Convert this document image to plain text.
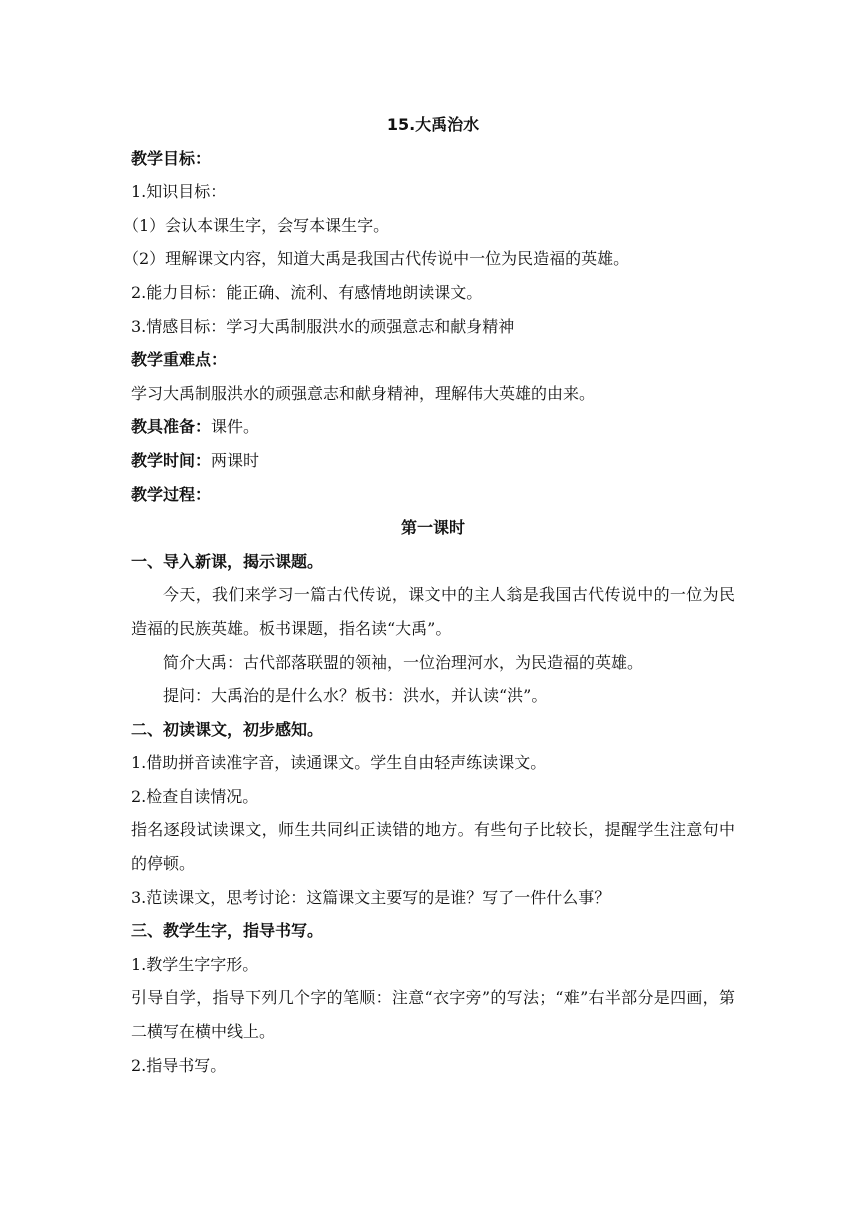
15.大禹治水
教学目标：
1.知识目标：
（1）会认本课生字，会写本课生字。
（2）理解课文内容，知道大禹是我国古代传说中一位为民造福的英雄。
2.能力目标：能正确、流利、有感情地朗读课文。
3.情感目标：学习大禹制服洪水的顽强意志和献身精神
教学重难点：
学习大禹制服洪水的顽强意志和献身精神，理解伟大英雄的由来。
教具准备：课件。
教学时间：两课时
教学过程：
第一课时
一、导入新课，揭示课题。
今天，我们来学习一篇古代传说，课文中的主人翁是我国古代传说中的一位为民造福的民族英雄。板书课题，指名读“大禹”。
简介大禹：古代部落联盟的领袖，一位治理河水，为民造福的英雄。
提问：大禹治的是什么水？板书：洪水，并认读“洪”。
二、初读课文，初步感知。
1.借助拼音读准字音，读通课文。学生自由轻声练读课文。
2.检查自读情况。
指名逐段试读课文，师生共同纠正读错的地方。有些句子比较长，提醒学生注意句中的停顿。
3.范读课文，思考讨论：这篇课文主要写的是谁？写了一件什么事？
三、教学生字，指导书写。
1.教学生字字形。
引导自学，指导下列几个字的笔顺：注意“衣字旁”的写法；“难”右半部分是四画，第二横写在横中线上。
2.指导书写。
